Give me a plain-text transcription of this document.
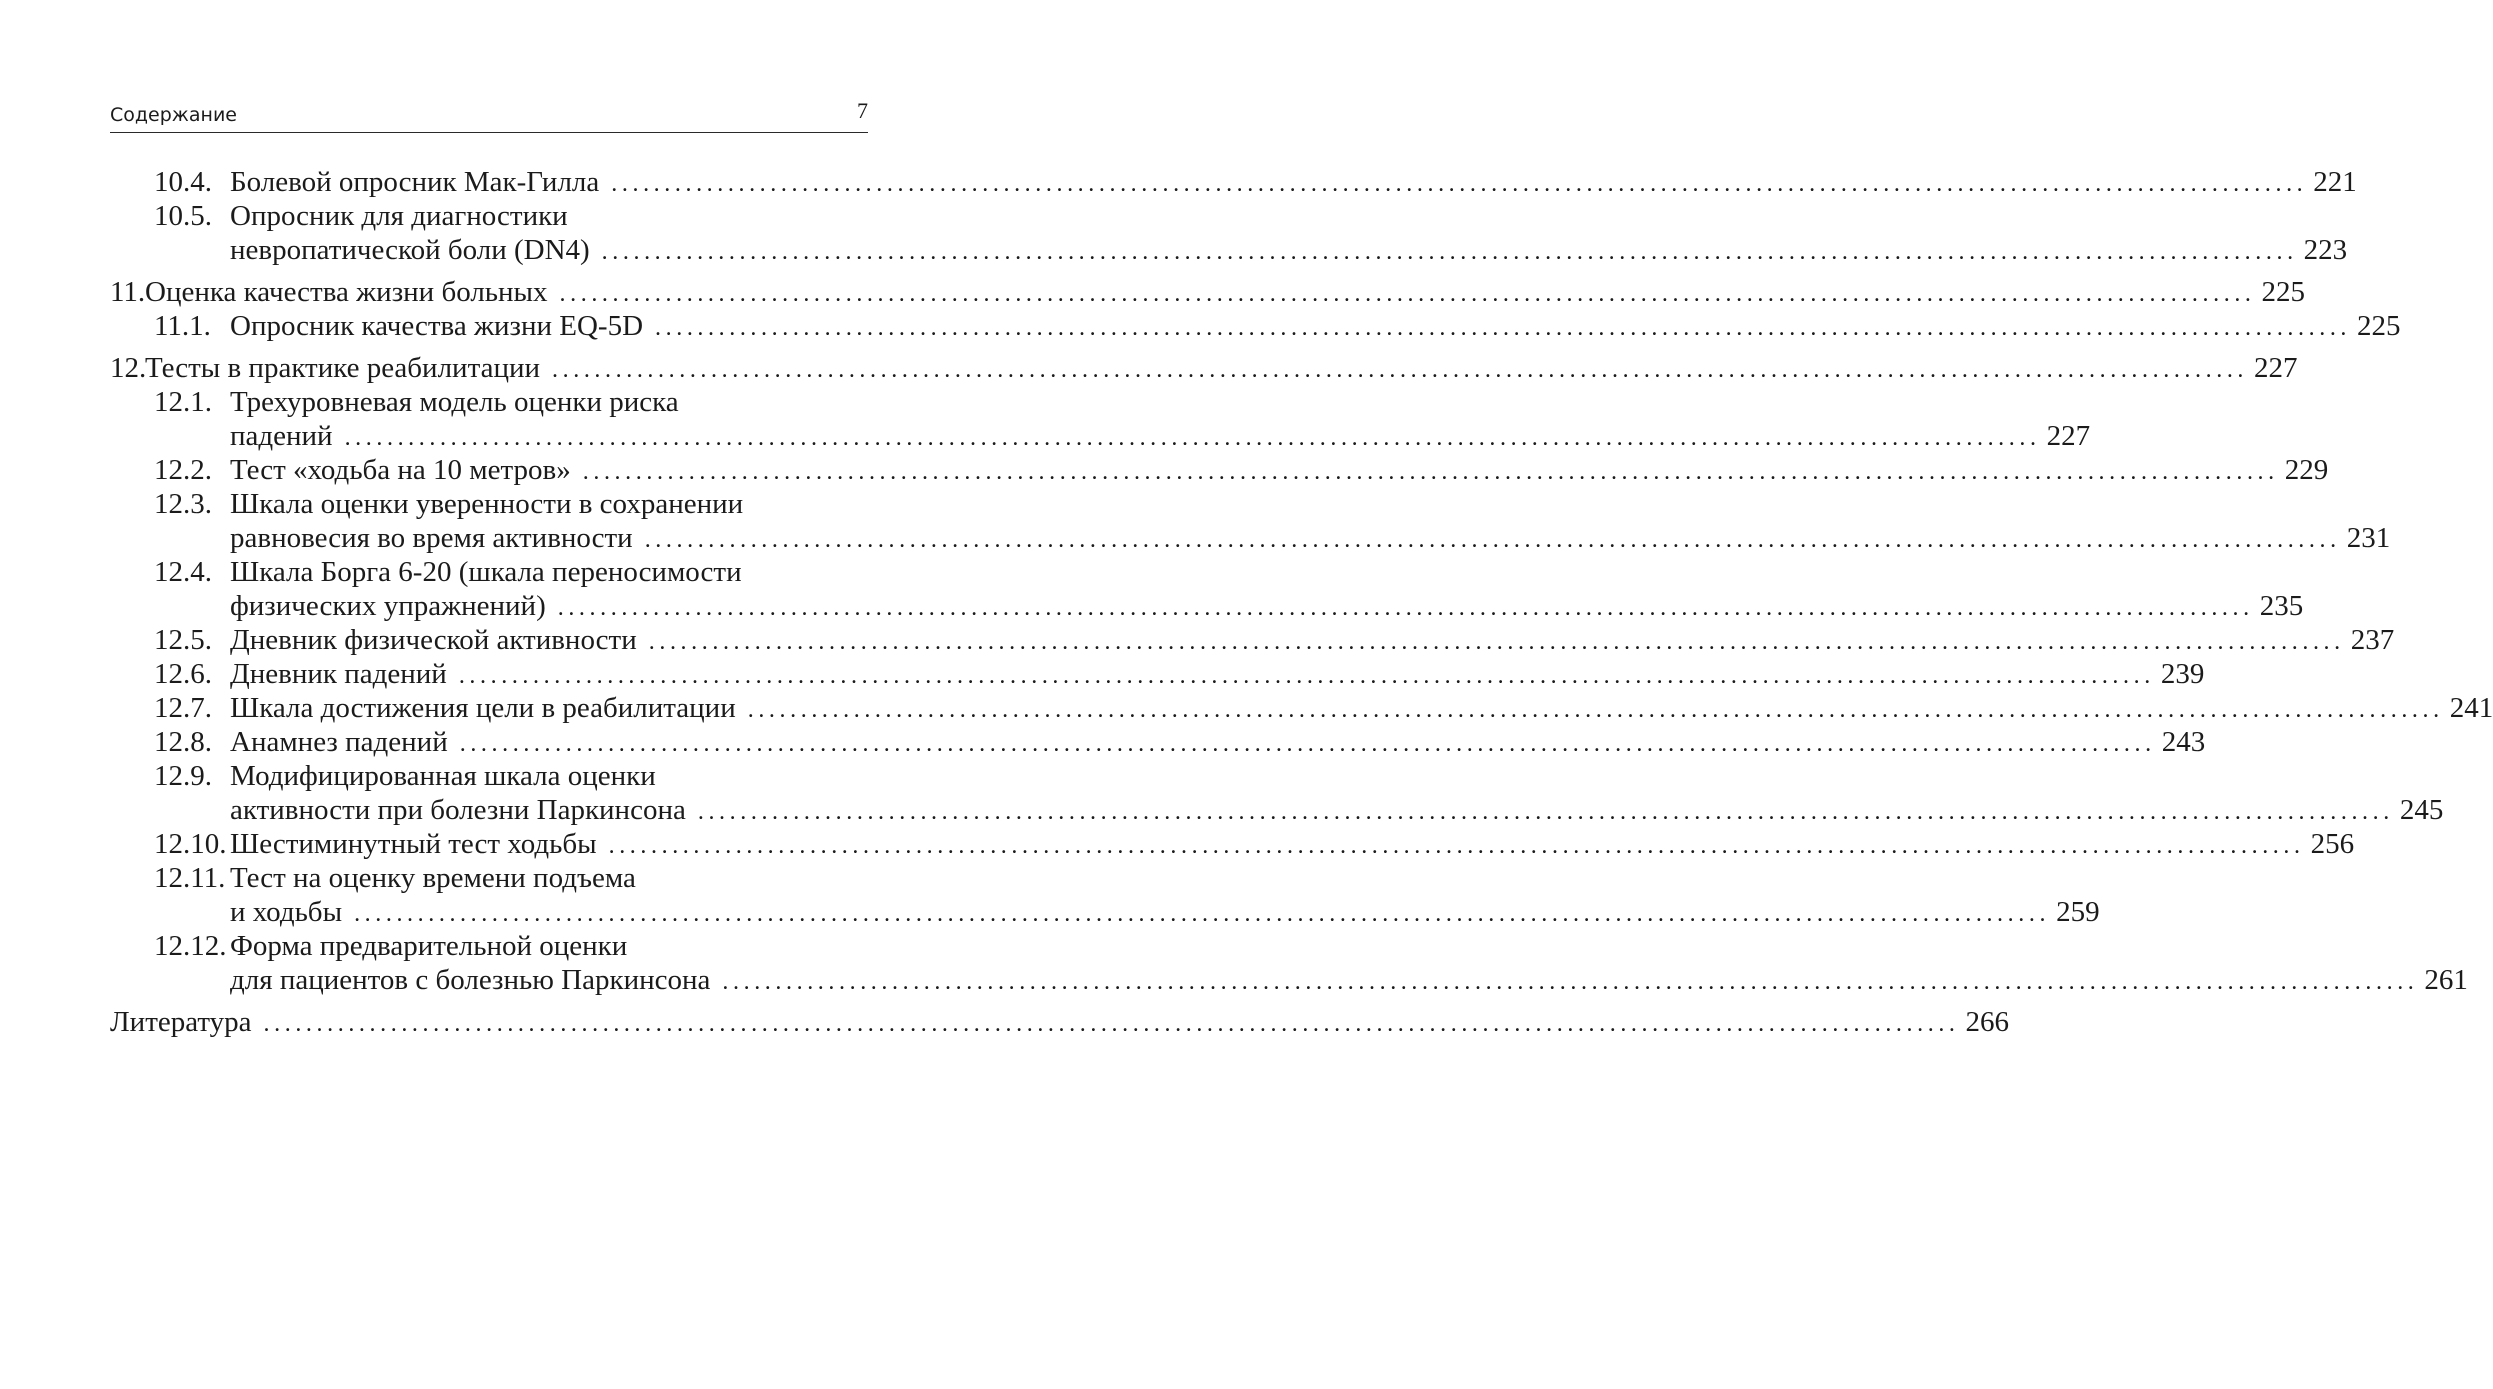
Содержание	7
10.4. Болевой опросник Мак-Гилла ................................................................................................................................................................ 221
10.5. Опросник для диагностики
невропатической боли (DN4) ................................................................................................................................................................ 223
11. Оценка качества жизни больных ................................................................................................................................................................ 225
11.1. Опросник качества жизни EQ-5D ................................................................................................................................................................ 225
12.
Тесты в практике реабилитации ................................................................................................................................................................ 227
12.1. Трехуровневая модель оценки риска
падений ................................................................................................................................................................ 227
12.2. Тест «ходьба на 10 метров» ................................................................................................................................................................ 229
12.3. Шкала оценки уверенности в сохранении
равновесия во время активности ................................................................................................................................................................ 231
12.4. Шкала Борга 6-20 (шкала переносимости
физических упражнений) ................................................................................................................................................................ 235
12.5. Дневник физической активности ................................................................................................................................................................ 237
12.6. Дневник падений ................................................................................................................................................................ 239
12.7. Шкала достижения цели в реабилитации ................................................................................................................................................................ 241
12.8. Анамнез падений ................................................................................................................................................................ 243
12.9. Модифицированная шкала оценки
активности при болезни Паркинсона ................................................................................................................................................................ 245
12.10. Шестиминутный тест ходьбы ................................................................................................................................................................ 256
12.11. Тест на оценку времени подъема
и ходьбы ................................................................................................................................................................ 259
12.12. Форма предварительной оценки
для пациентов с болезнью Паркинсона ................................................................................................................................................................ 261
Литература ................................................................................................................................................................ 266
